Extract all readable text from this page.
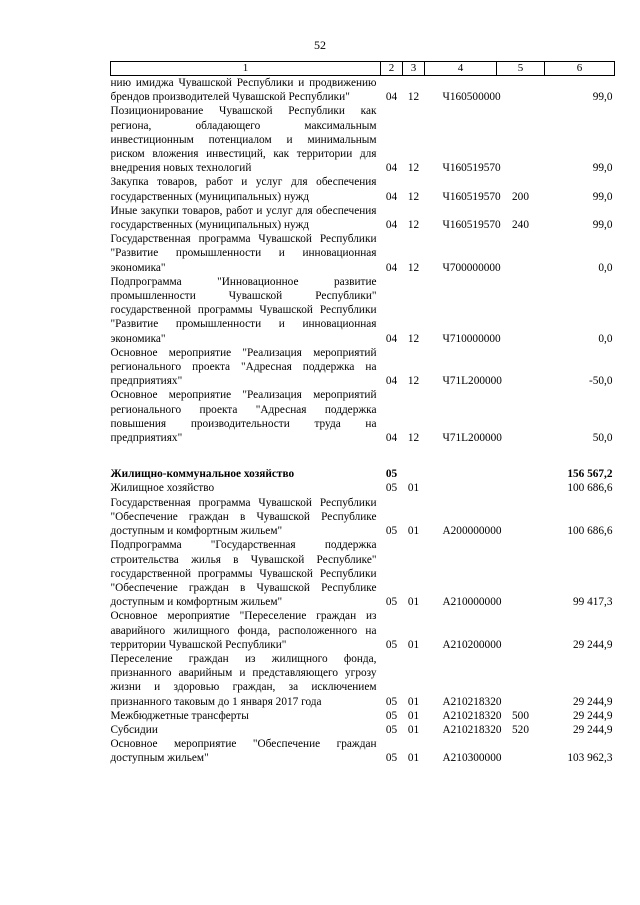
52
1	2	3	4	5	6
нию имиджа Чувашской Республики и продвижению брендов производителей Чувашской Республики"	04	12	Ч160500000		99,0
Позиционирование Чувашской Республики как региона, обладающего максимальным инвестиционным потенциалом и минимальным риском вложения инвестиций, как территории для внедрения новых технологий	04	12	Ч160519570		99,0
Закупка товаров, работ и услуг для обеспечения государственных (муниципальных) нужд	04	12	Ч160519570	200	99,0
Иные закупки товаров, работ и услуг для обеспечения государственных (муниципальных) нужд	04	12	Ч160519570	240	99,0
Государственная программа Чувашской Республики "Развитие промышленности и инновационная экономика"	04	12	Ч700000000		0,0
Подпрограмма "Инновационное развитие промышленности Чувашской Республики" государственной программы Чувашской Республики "Развитие промышленности и инновационная экономика"	04	12	Ч710000000		0,0
Основное мероприятие "Реализация мероприятий регионального проекта "Адресная поддержка на предприятиях"	04	12	Ч71L200000		-50,0
Основное мероприятие "Реализация мероприятий регионального проекта "Адресная поддержка повышения производительности труда на предприятиях"	04	12	Ч71L200000		50,0

Жилищно-коммунальное хозяйство	05				156 567,2
Жилищное хозяйство	05	01			100 686,6
Государственная программа Чувашской Республики "Обеспечение граждан в Чувашской Республике доступным и комфортным жильем"	05	01	А200000000		100 686,6
Подпрограмма "Государственная поддержка строительства жилья в Чувашской Республике" государственной программы Чувашской Республики "Обеспечение граждан в Чувашской Республике доступным и комфортным жильем"	05	01	А210000000		99 417,3
Основное мероприятие "Переселение граждан из аварийного жилищного фонда, расположенного на территории Чувашской Республики"	05	01	А210200000		29 244,9
Переселение граждан из жилищного фонда, признанного аварийным и представляющего угрозу жизни и здоровью граждан, за исключением признанного таковым до 1 января 2017 года	05	01	А210218320		29 244,9
Межбюджетные трансферты	05	01	А210218320	500	29 244,9
Субсидии	05	01	А210218320	520	29 244,9
Основное мероприятие "Обеспечение граждан доступным жильем"	05	01	А210300000		103 962,3
